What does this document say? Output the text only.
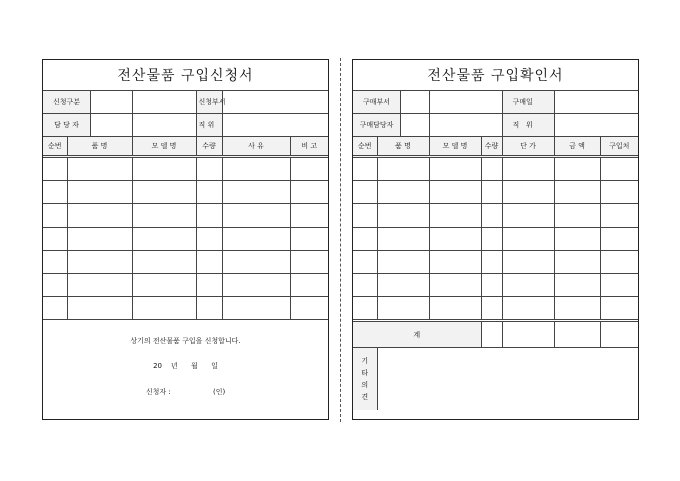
전산물품 구입신청서					

신청구분			신청부서		

담 당 자			직 위		
순번	품 명	모 델 명	수량	사 유	비 고

상기의 전산물품 구입을 신청합니다.
20    년      월      일
신청자 :                   (인)					
전산물품 구입확인서						

구매부서				구매일		

구매담당자				직   위		
순번	품 명	모 델 명	수량	단 가	금 액	구입처

계						

기
타
의
견						
